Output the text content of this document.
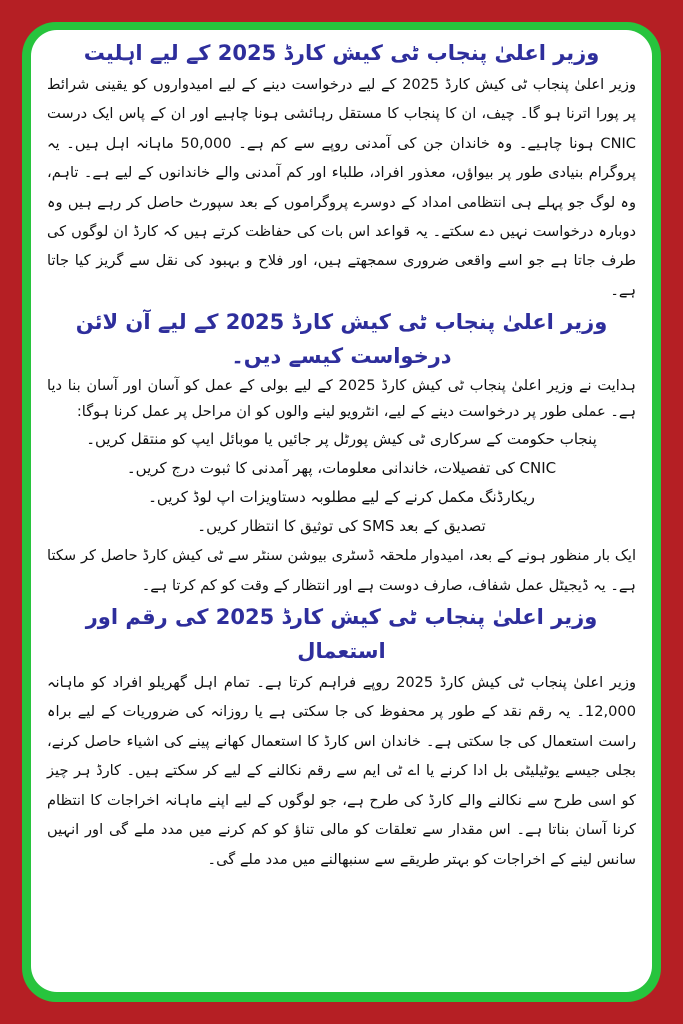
وزیر اعلیٰ پنجاب ٹی کیش کارڈ 2025 کے لیے اہلیت

وزیر اعلیٰ پنجاب ٹی کیش کارڈ 2025 کے لیے درخواست دینے کے لیے امیدواروں کو یقینی شرائط پر پورا اترنا ہو گا۔ چیف، ان کا پنجاب کا مستقل رہائشی ہونا چاہیے اور ان کے پاس ایک درست CNIC ہونا چاہیے۔ وہ خاندان جن کی آمدنی روپے سے کم ہے۔ 50,000 ماہانہ اہل ہیں۔ یہ پروگرام بنیادی طور پر بیواؤں، معذور افراد، طلباء اور کم آمدنی والے خاندانوں کے لیے ہے۔ تاہم، وہ لوگ جو پہلے ہی انتظامی امداد کے دوسرے پروگراموں کے بعد سپورٹ حاصل کر رہے ہیں وہ دوبارہ درخواست نہیں دے سکتے۔ یہ قواعد اس بات کی حفاظت کرتے ہیں کہ کارڈ ان لوگوں کی طرف جاتا ہے جو اسے واقعی ضروری سمجھتے ہیں، اور فلاح و بہبود کی نقل سے گریز کیا جاتا ہے۔

وزیر اعلیٰ پنجاب ٹی کیش کارڈ 2025 کے لیے آن لائن درخواست کیسے دیں۔

ہدایت نے وزیر اعلیٰ پنجاب ٹی کیش کارڈ 2025 کے لیے بولی کے عمل کو آسان اور آسان بنا دیا ہے۔ عملی طور پر درخواست دینے کے لیے، انٹرویو لینے والوں کو ان مراحل پر عمل کرنا ہوگا:

پنجاب حکومت کے سرکاری ٹی کیش پورٹل پر جائیں یا موبائل ایپ کو منتقل کریں۔

CNIC کی تفصیلات، خاندانی معلومات، پھر آمدنی کا ثبوت درج کریں۔

ریکارڈنگ مکمل کرنے کے لیے مطلوبہ دستاویزات اپ لوڈ کریں۔

تصدیق کے بعد SMS کی توثیق کا انتظار کریں۔

ایک بار منظور ہونے کے بعد، امیدوار ملحقہ ڈسٹری بیوشن سنٹر سے ٹی کیش کارڈ حاصل کر سکتا ہے۔ یہ ڈیجیٹل عمل شفاف، صارف دوست ہے اور انتظار کے وقت کو کم کرتا ہے۔

وزیر اعلیٰ پنجاب ٹی کیش کارڈ 2025 کی رقم اور استعمال

وزیر اعلیٰ پنجاب ٹی کیش کارڈ 2025 روپے فراہم کرتا ہے۔ تمام اہل گھریلو افراد کو ماہانہ 12,000۔ یہ رقم نقد کے طور پر محفوظ کی جا سکتی ہے یا روزانہ کی ضروریات کے لیے براہ راست استعمال کی جا سکتی ہے۔ خاندان اس کارڈ کا استعمال کھانے پینے کی اشیاء حاصل کرنے، بجلی جیسے یوٹیلیٹی بل ادا کرنے یا اے ٹی ایم سے رقم نکالنے کے لیے کر سکتے ہیں۔ کارڈ ہر چیز کو اسی طرح سے نکالنے والے کارڈ کی طرح ہے، جو لوگوں کے لیے اپنے ماہانہ اخراجات کا انتظام کرنا آسان بناتا ہے۔ اس مقدار سے تعلقات کو مالی تناؤ کو کم کرنے میں مدد ملے گی اور انہیں سانس لینے کے اخراجات کو بہتر طریقے سے سنبھالنے میں مدد ملے گی۔
